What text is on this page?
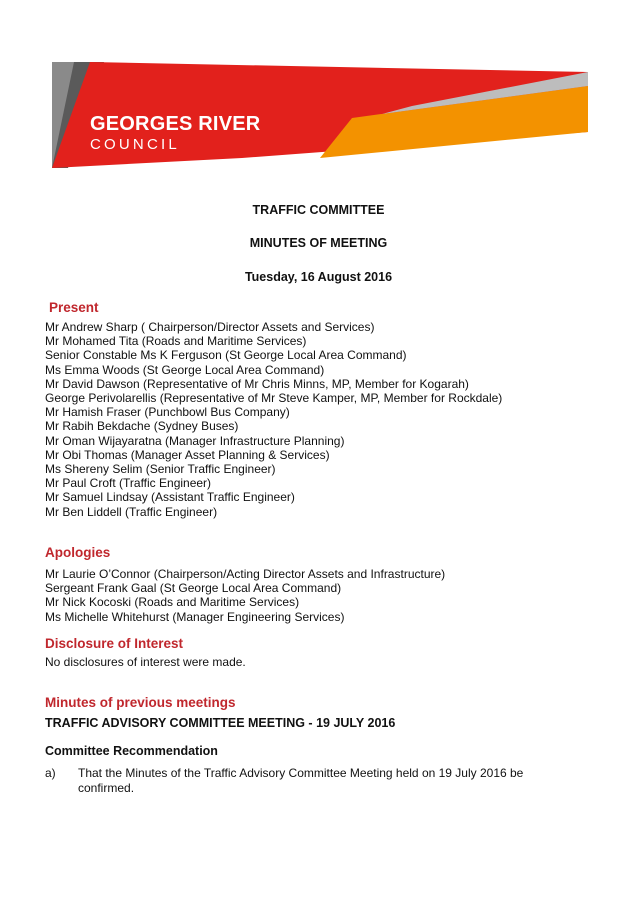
GEORGES RIVER
COUNCIL
TRAFFIC COMMITTEE
MINUTES OF MEETING
Tuesday, 16 August 2016
Present
Mr Andrew Sharp ( Chairperson/Director Assets and Services)
Mr Mohamed Tita (Roads and Maritime Services)
Senior Constable Ms K Ferguson (St George Local Area Command)
Ms Emma Woods (St George Local Area Command)
Mr David Dawson (Representative of Mr Chris Minns, MP, Member for Kogarah)
George Perivolarellis (Representative of Mr Steve Kamper, MP, Member for Rockdale)
Mr Hamish Fraser (Punchbowl Bus Company)
Mr Rabih Bekdache (Sydney Buses)
Mr Oman Wijayaratna (Manager Infrastructure Planning)
Mr Obi Thomas (Manager Asset Planning & Services)
Ms Shereny Selim (Senior Traffic Engineer)
Mr Paul Croft (Traffic Engineer)
Mr Samuel Lindsay (Assistant Traffic Engineer)
Mr Ben Liddell (Traffic Engineer)
Apologies
Mr Laurie O’Connor (Chairperson/Acting Director Assets and Infrastructure)
Sergeant Frank Gaal (St George Local Area Command)
Mr Nick Kocoski (Roads and Maritime Services)
Ms Michelle Whitehurst (Manager Engineering Services)
Disclosure of Interest
No disclosures of interest were made.
Minutes of previous meetings
TRAFFIC ADVISORY COMMITTEE MEETING - 19 JULY 2016
Committee Recommendation
a) That the Minutes of the Traffic Advisory Committee Meeting held on 19 July 2016 be confirmed.
